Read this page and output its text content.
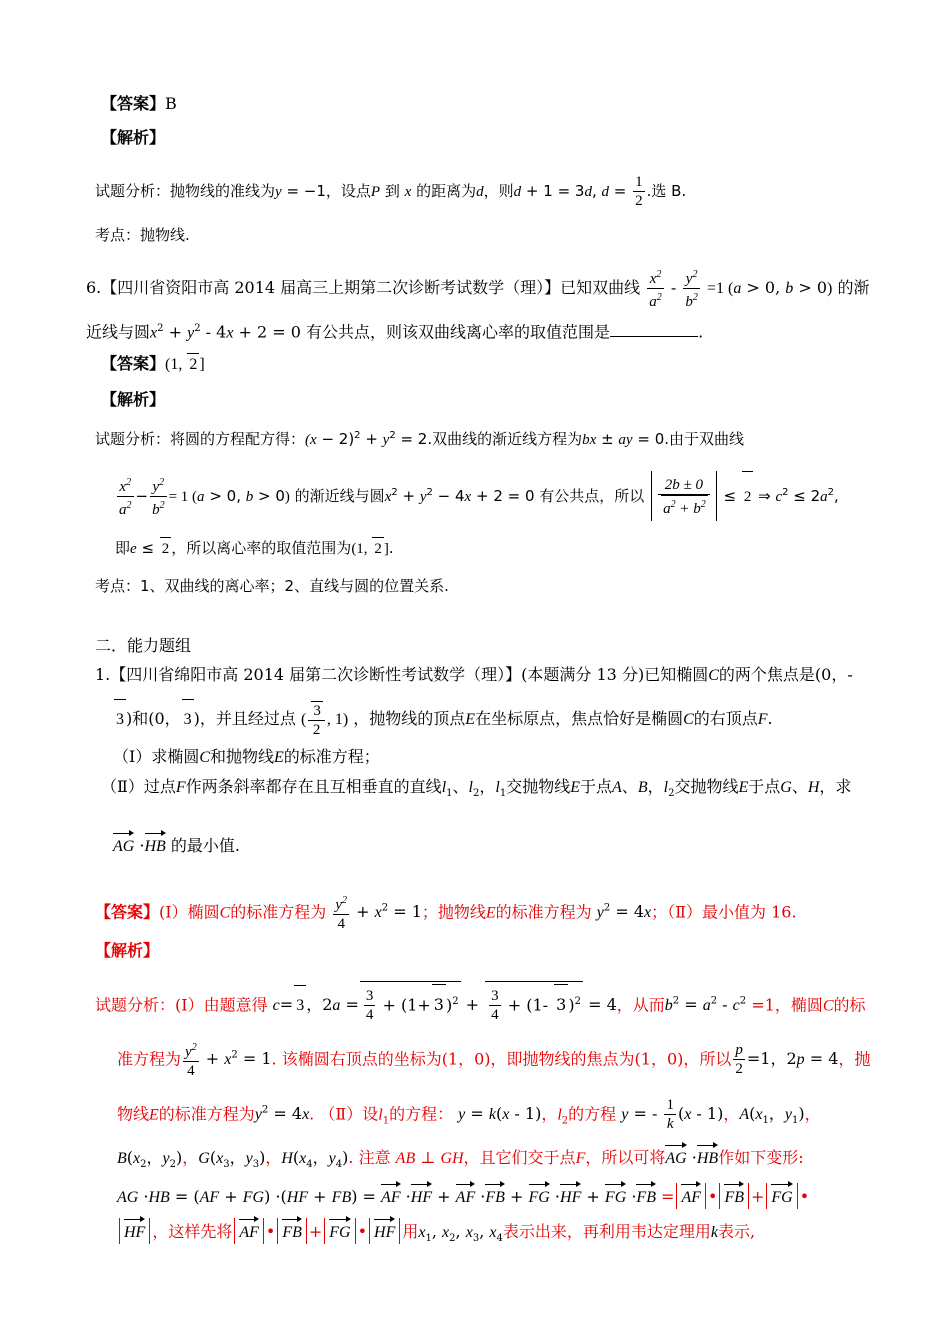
【答案】B
【解析】
试题分析：抛物线的准线为y = −1，设点P 到 x 的距离为d，则d + 1 = 3d, $d = \frac{1}{2}$ .选 B.
考点：抛物线.
6.【四川省资阳市高 2014 届高三上期第二次诊断考试数学（理）】已知双曲线 $\frac{x^2}{a^2} - \frac{y^2}{b^2} =1$ (a > 0, b > 0) 的渐
近线与圆$x^2 + y^2 - 4x + 2 = 0$ 有公共点，则该双曲线离心率的取值范围是	.
【答案】(1, 2 ]
【解析】
试题分析：将圆的方程配方得：$(x - 2)^2 + y^2 = 2$.双曲线的渐近线方程为bx ± ay = 0.由于双曲线
$\frac{x^2}{a^2} - \frac{y^2}{b^2} = 1$ (a > 0, b > 0) 的渐近线与圆$x^2 + y^2 - 4x + 2 = 0$ 有公共点，所以 $\frac{2b \pm 0}{a^2 + b^2} \le 2$ ⇒ $c^2 \le 2a^2$,
即e ≤ 2 ，所以离心率的取值范围为(1, 2 ].
考点：1、双曲线的离心率；2、直线与圆的位置关系.
二．能力题组
1.【四川省绵阳市高 2014 届第二次诊断性考试数学（理）】(本题满分 13 分)已知椭圆C的两个焦点是(0，-
3 )和(0， 3 )，并且经过点 ( $\frac{3}{2}$ , 1) ，抛物线的顶点E在坐标原点，焦点恰好是椭圆C的右顶点F.
（Ⅰ）求椭圆C和抛物线E的标准方程；
（Ⅱ）过点F作两条斜率都存在且互相垂直的直线$l_1$、$l_2$，$l_1$交抛物线E于点A、B，$l_2$交抛物线E于点G、H，求
AG ·HB 的最小值.
【答案】(I）椭圆C的标准方程为 $\frac{y^2}{4} + x^2 = 1$；抛物线E的标准方程为 $y^2 = 4x$；（Ⅱ）最小值为 16.
【解析】
试题分析：(I）由题意得 c= 3 ，$2a = \frac{3}{4} + (1+ 3$ )$^2 + \frac{3}{4} + (1-$ 3 )$^2$ = 4，从而$b^2 = a^2 - c^2 =1$，椭圆C的标
准方程为 $\frac{y^2}{4} + x^2 = 1$. 该椭圆右顶点的坐标为(1，0)，即抛物线的焦点为(1，0)，所以 $\frac{p}{2} =1$，2p = 4，抛
物线E的标准方程为$y^2 = 4x$. （Ⅱ）设$l_1$的方程： y = k(x - 1)，$l_2$的方程 y = - $\frac{1}{k} (x - 1)$，$A(x_1$，$y_1$)，
$B(x_2$，$y_2$)，$G(x_3$，$y_3$)，$H(x_4$，$y_4$). 注意 AB ⊥ GH，且它们交于点F，所以可将AG ·HB作如下变形:
AG ·HB = (AF + FG) ·(HF + FB) = AF ·HF + AF ·FB + FG ·HF + FG ·FB = AF • FB + FG •
HF ，这样先将 AF • FB + FG • HF 用$x_1$, $x_2$, $x_3$, $x_4$表示出来，再利用韦达定理用k表示,
